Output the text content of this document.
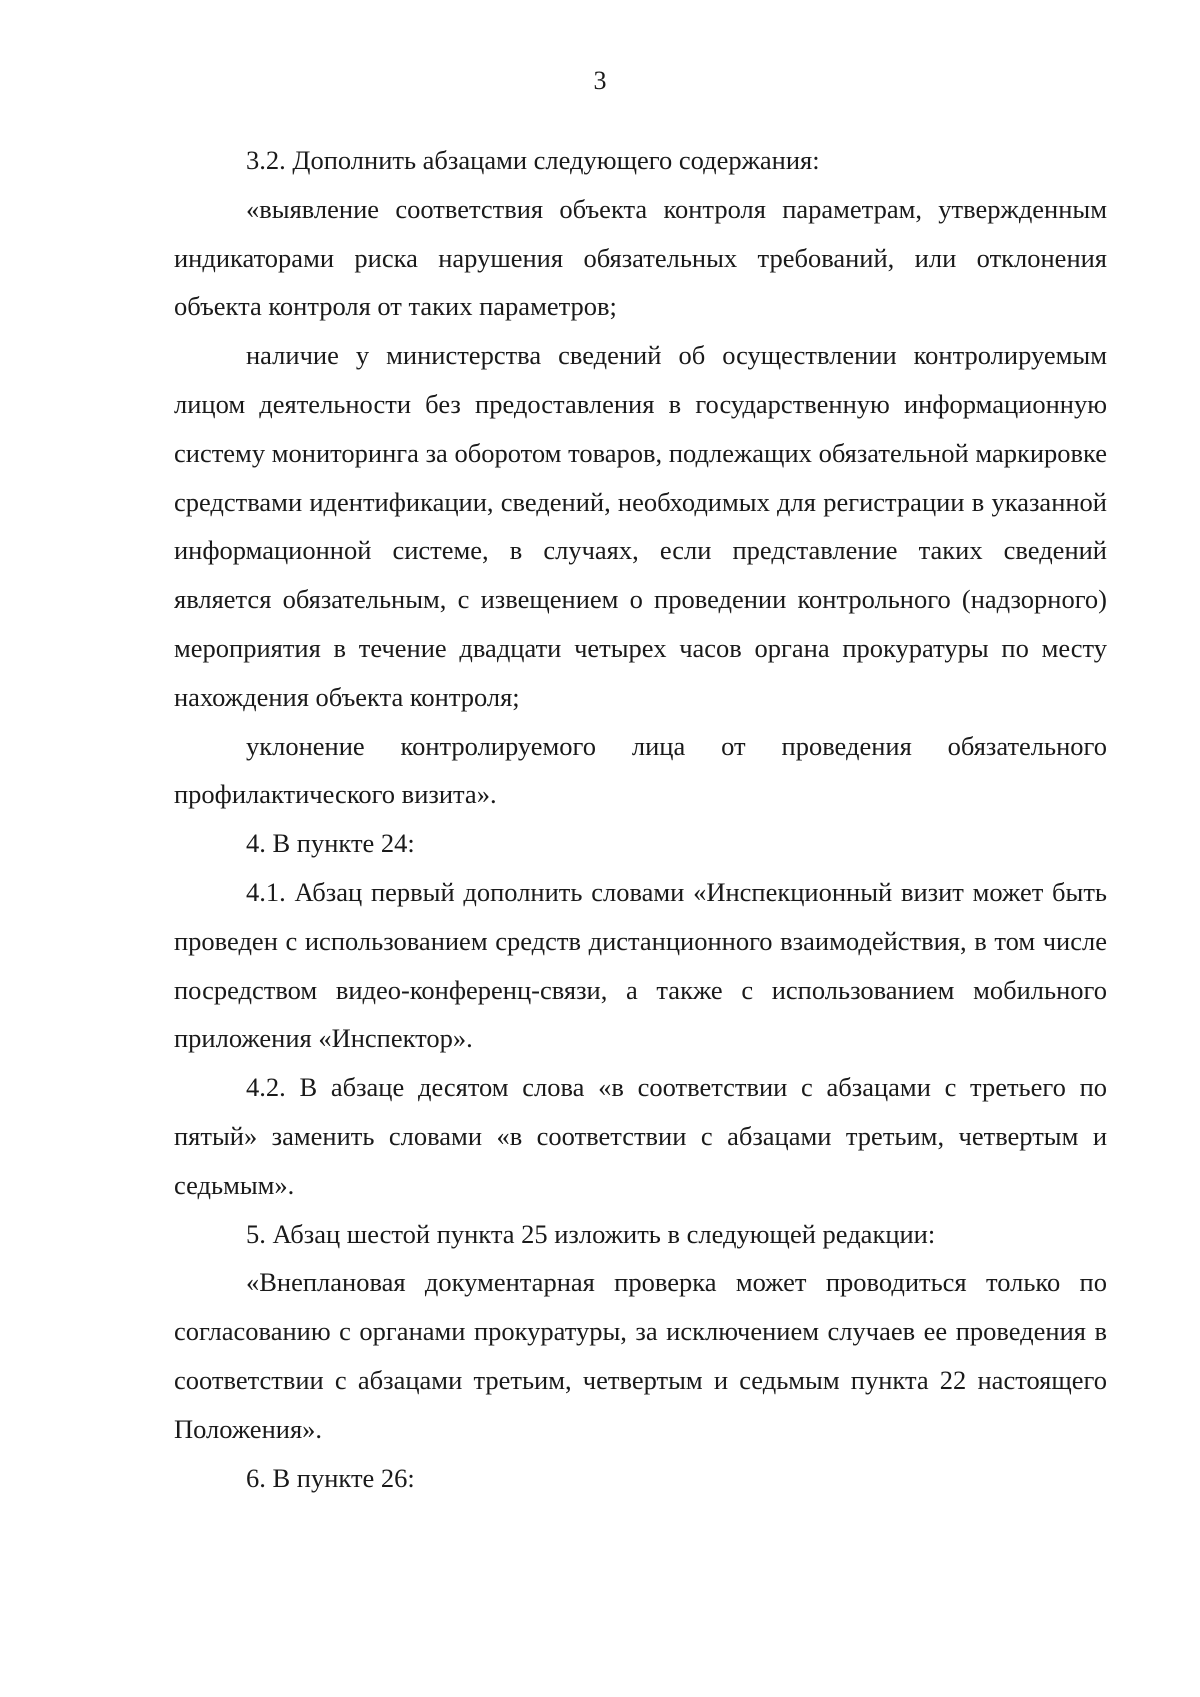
3

3.2. Дополнить абзацами следующего содержания:

«выявление соответствия объекта контроля параметрам, утвержденным индикаторами риска нарушения обязательных требований, или отклонения объекта контроля от таких параметров;

наличие у министерства сведений об осуществлении контролируемым лицом деятельности без предоставления в государственную информационную систему мониторинга за оборотом товаров, подлежащих обязательной маркировке средствами идентификации, сведений, необходимых для регистрации в указанной информационной системе, в случаях, если представление таких сведений является обязательным, с извещением о проведении контрольного (надзорного) мероприятия в течение двадцати четырех часов органа прокуратуры по месту нахождения объекта контроля;

уклонение контролируемого лица от проведения обязательного профилактического визита».

4. В пункте 24:

4.1. Абзац первый дополнить словами «Инспекционный визит может быть проведен с использованием средств дистанционного взаимодействия, в том числе посредством видео-конференц-связи, а также с использованием мобильного приложения «Инспектор».

4.2. В абзаце десятом слова «в соответствии с абзацами с третьего по пятый» заменить словами «в соответствии с абзацами третьим, четвертым и седьмым».

5. Абзац шестой пункта 25 изложить в следующей редакции:

«Внеплановая документарная проверка может проводиться только по согласованию с органами прокуратуры, за исключением случаев ее проведения в соответствии с абзацами третьим, четвертым и седьмым пункта 22 настоящего Положения».

6. В пункте 26:
